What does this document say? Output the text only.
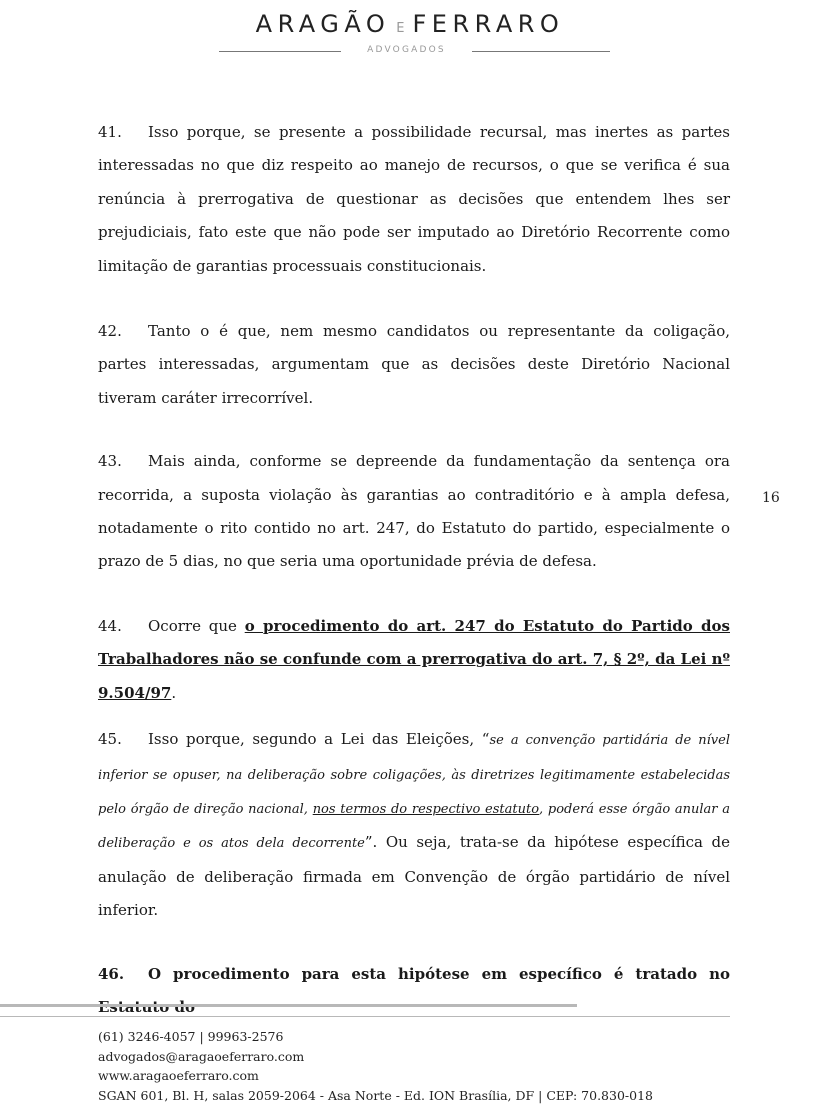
ARAGÃO E FERRARO
ADVOGADOS
16

41. Isso porque, se presente a possibilidade recursal, mas inertes as partes interessadas no que diz respeito ao manejo de recursos, o que se verifica é sua renúncia à prerrogativa de questionar as decisões que entendem lhes ser prejudiciais, fato este que não pode ser imputado ao Diretório Recorrente como limitação de garantias processuais constitucionais.

42. Tanto o é que, nem mesmo candidatos ou representante da coligação, partes interessadas, argumentam que as decisões deste Diretório Nacional tiveram caráter irrecorrível.

43. Mais ainda, conforme se depreende da fundamentação da sentença ora recorrida, a suposta violação às garantias ao contraditório e à ampla defesa, notadamente o rito contido no art. 247, do Estatuto do partido, especialmente o prazo de 5 dias, no que seria uma oportunidade prévia de defesa.

44. Ocorre que o procedimento do art. 247 do Estatuto do Partido dos Trabalhadores não se confunde com a prerrogativa do art. 7, § 2º, da Lei nº 9.504/97.

45. Isso porque, segundo a Lei das Eleições, “se a convenção partidária de nível inferior se opuser, na deliberação sobre coligações, às diretrizes legitimamente estabelecidas pelo órgão de direção nacional, nos termos do respectivo estatuto, poderá esse órgão anular a deliberação e os atos dela decorrente”. Ou seja, trata-se da hipótese específica de anulação de deliberação firmada em Convenção de órgão partidário de nível inferior.

46. O procedimento para esta hipótese em específico é tratado no

(61) 3246-4057 | 99963-2576
advogados@aragaoeferraro.com
www.aragaoeferraro.com
SGAN 601, Bl. H, salas 2059-2064 - Asa Norte - Ed. ION Brasília, DF | CEP: 70.830-018
